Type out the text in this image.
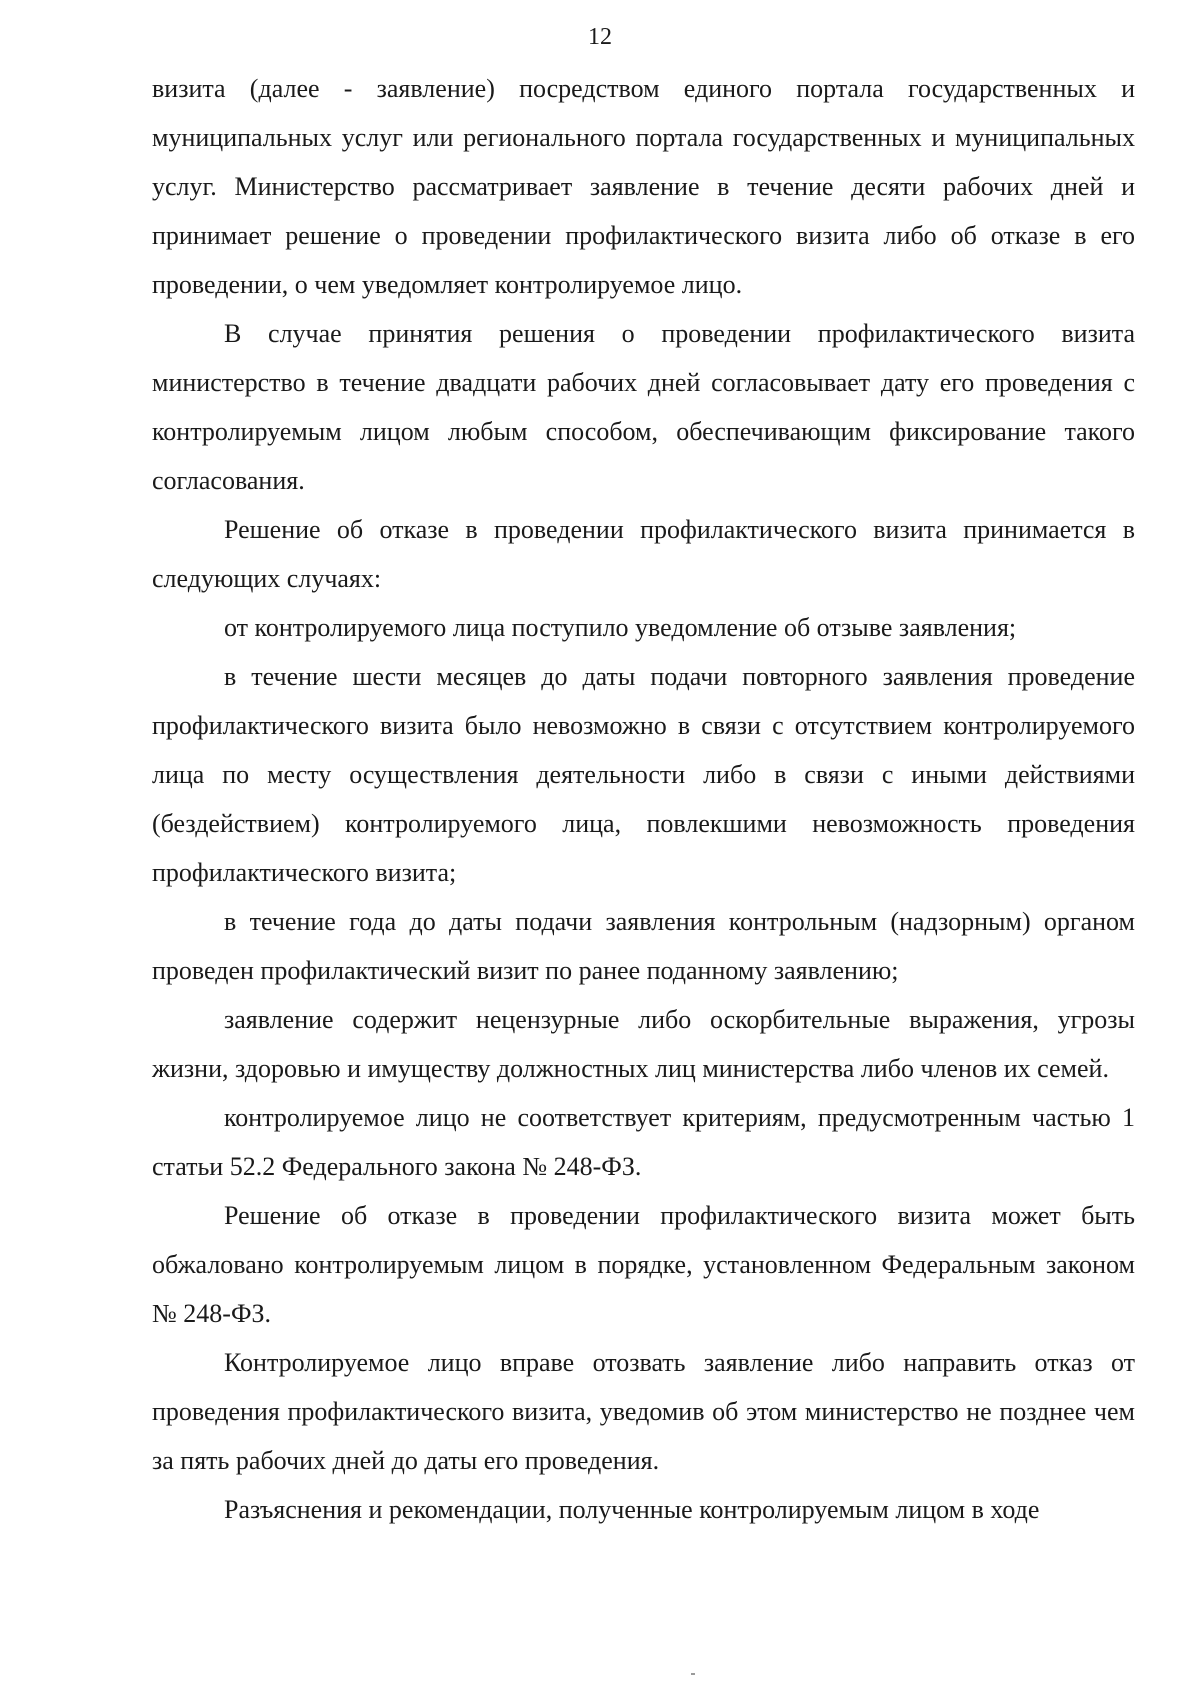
12

визита (далее - заявление) посредством единого портала государственных и муниципальных услуг или регионального портала государственных и муниципальных услуг. Министерство рассматривает заявление в течение десяти рабочих дней и принимает решение о проведении профилактического визита либо об отказе в его проведении, о чем уведомляет контролируемое лицо.

В случае принятия решения о проведении профилактического визита министерство в течение двадцати рабочих дней согласовывает дату его проведения с контролируемым лицом любым способом, обеспечивающим фиксирование такого согласования.

Решение об отказе в проведении профилактического визита принимается в следующих случаях:

от контролируемого лица поступило уведомление об отзыве заявления;

в течение шести месяцев до даты подачи повторного заявления проведение профилактического визита было невозможно в связи с отсутствием контролируемого лица по месту осуществления деятельности либо в связи с иными действиями (бездействием) контролируемого лица, повлекшими невозможность проведения профилактического визита;

в течение года до даты подачи заявления контрольным (надзорным) органом проведен профилактический визит по ранее поданному заявлению;

заявление содержит нецензурные либо оскорбительные выражения, угрозы жизни, здоровью и имуществу должностных лиц министерства либо членов их семей.

контролируемое лицо не соответствует критериям, предусмотренным частью 1 статьи 52.2 Федерального закона № 248-ФЗ.

Решение об отказе в проведении профилактического визита может быть обжаловано контролируемым лицом в порядке, установленном Федеральным законом № 248-ФЗ.

Контролируемое лицо вправе отозвать заявление либо направить отказ от проведения профилактического визита, уведомив об этом министерство не позднее чем за пять рабочих дней до даты его проведения.

Разъяснения и рекомендации, полученные контролируемым лицом в ходе
